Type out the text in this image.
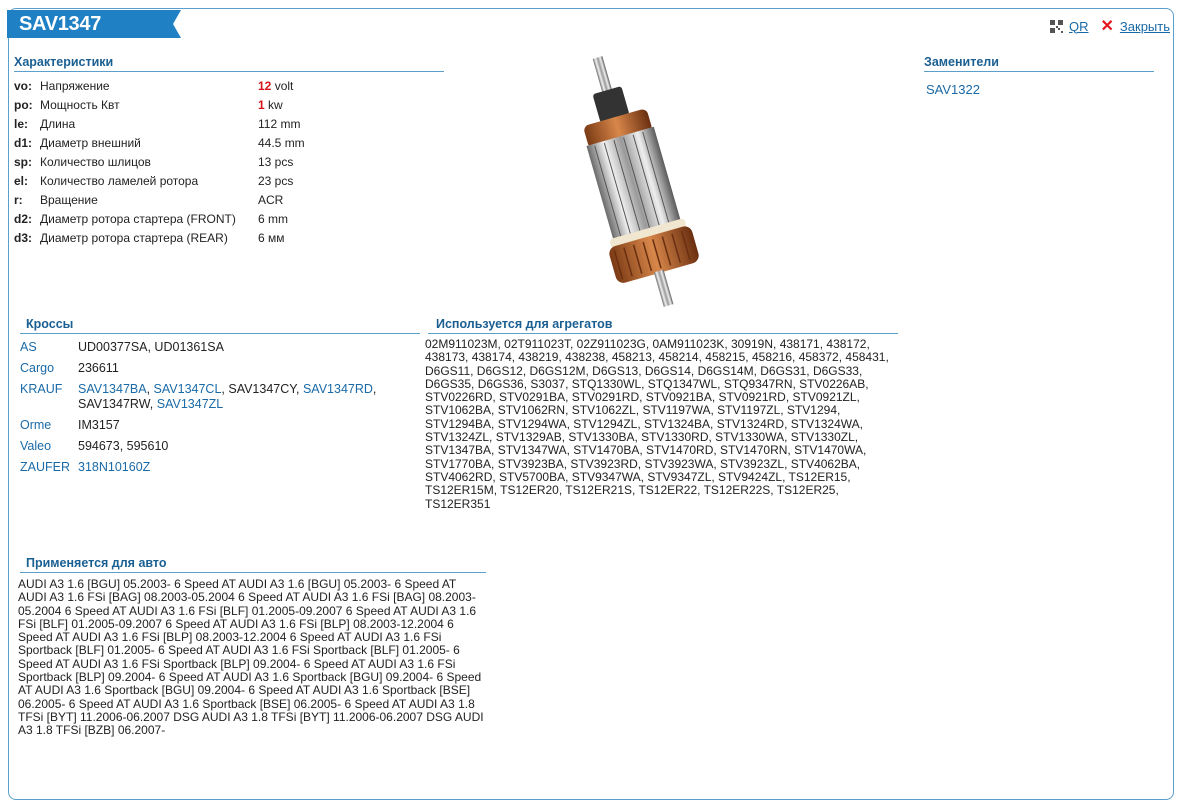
SAV1347	QR ✕ Закрыть
Характеристики
vo: Напряжение	12 volt
po: Мощность Квт	1 kw
le: Длина	112 mm
d1: Диаметр внешний	44.5 mm
sp: Количество шлицов	13 pcs
el: Количество ламелей ротора	23 pcs
r:	Вращение	ACR
d2: Диаметр ротора стартера (FRONT)	6 mm
d3: Диаметр ротора стартера (REAR)	6 мм
Заменители
SAV1322
Кроссы
AS	UD00377SA, UD01361SA
Cargo	236611
KRAUF	SAV1347BA, SAV1347CL, SAV1347CY, SAV1347RD, SAV1347RW, SAV1347ZL
Orme	IM3157
Valeo	594673, 595610
ZAUFER 318N10160Z
Используется для агрегатов
02M911023M, 02T911023T, 02Z911023G, 0AM911023K, 30919N, 438171, 438172, 438173, 438174, 438219, 438238, 458213, 458214, 458215, 458216, 458372, 458431, D6GS11, D6GS12, D6GS12M, D6GS13, D6GS14, D6GS14M, D6GS31, D6GS33, D6GS35, D6GS36, S3037, STQ1330WL, STQ1347WL, STQ9347RN, STV0226AB, STV0226RD, STV0291BA, STV0291RD, STV0921BA, STV0921RD, STV0921ZL, STV1062BA, STV1062RN, STV1062ZL, STV1197WA, STV1197ZL, STV1294, STV1294BA, STV1294WA, STV1294ZL, STV1324BA, STV1324RD, STV1324WA, STV1324ZL, STV1329AB, STV1330BA, STV1330RD, STV1330WA, STV1330ZL, STV1347BA, STV1347WA, STV1470BA, STV1470RD, STV1470RN, STV1470WA, STV1770BA, STV3923BA, STV3923RD, STV3923WA, STV3923ZL, STV4062BA, STV4062RD, STV5700BA, STV9347WA, STV9347ZL, STV9424ZL, TS12ER15, TS12ER15M, TS12ER20, TS12ER21S, TS12ER22, TS12ER22S, TS12ER25, TS12ER351
Применяется для авто
AUDI A3 1.6 [BGU] 05.2003- 6 Speed AT AUDI A3 1.6 [BGU] 05.2003- 6 Speed AT AUDI A3 1.6 FSi [BAG] 08.2003-05.2004 6 Speed AT AUDI A3 1.6 FSi [BAG] 08.2003-05.2004 6 Speed AT AUDI A3 1.6 FSi [BLF] 01.2005-09.2007 6 Speed AT AUDI A3 1.6 FSi [BLF] 01.2005-09.2007 6 Speed AT AUDI A3 1.6 FSi [BLP] 08.2003-12.2004 6 Speed AT AUDI A3 1.6 FSi [BLP] 08.2003-12.2004 6 Speed AT AUDI A3 1.6 FSi Sportback [BLF] 01.2005- 6 Speed AT AUDI A3 1.6 FSi Sportback [BLF] 01.2005- 6 Speed AT AUDI A3 1.6 FSi Sportback [BLP] 09.2004- 6 Speed AT AUDI A3 1.6 FSi Sportback [BLP] 09.2004- 6 Speed AT AUDI A3 1.6 Sportback [BGU] 09.2004- 6 Speed AT AUDI A3 1.6 Sportback [BGU] 09.2004- 6 Speed AT AUDI A3 1.6 Sportback [BSE] 06.2005- 6 Speed AT AUDI A3 1.6 Sportback [BSE] 06.2005- 6 Speed AT AUDI A3 1.8 TFSi [BYT] 11.2006-06.2007 DSG AUDI A3 1.8 TFSi [BYT] 11.2006-06.2007 DSG AUDI A3 1.8 TFSi [BZB] 06.2007-
